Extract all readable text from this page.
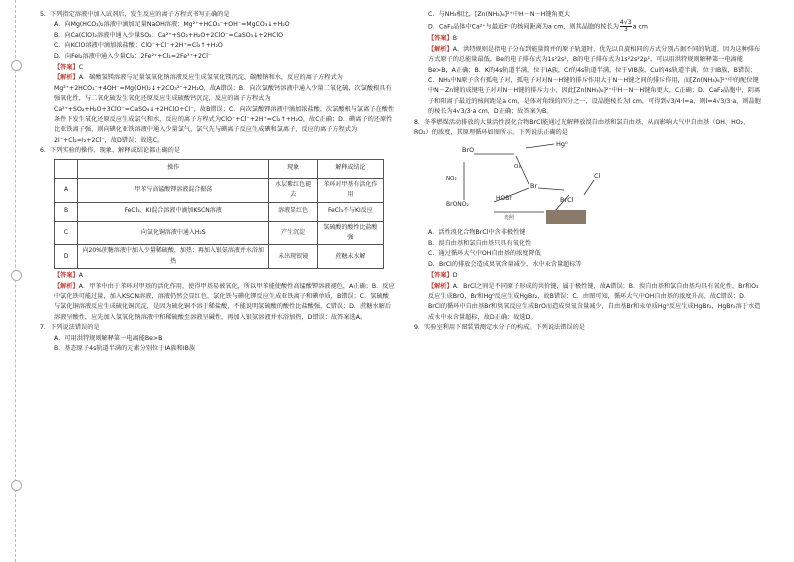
5．下列指定溶液中加入试剂后，发生反应的离子方程式书写正确的是

A．向Mg(HCO₃)₂溶液中滴加足量NaOH溶液：Mg²⁺+HCO₃⁻+OH⁻=MgCO₃↓+H₂O

B．向Ca(ClO)₂溶液中通入少量SO₂：Ca²⁺+SO₂+H₂O+2ClO⁻=CaSO₃↓+2HClO

C．向KClO溶液中滴加浓盐酸：ClO⁻+Cl⁻+2H⁺=Cl₂↑+H₂O

D．向FeI₂溶液中通入少量Cl₂：2Fe²⁺+Cl₂=2Fe³⁺+2Cl⁻

【答案】C

【解析】A．碳酸氢镁溶液与足量氢氧化钠溶液反应生成氢氧化镁沉淀、碳酸钠和水，反应的离子方程式为Mg²⁺+2HCO₃⁻+4OH⁻=Mg(OH)₂↓+2CO₃²⁻+2H₂O，故A错误；B．向次氯酸钙溶液中通入少量二氧化硫，次氯酸根具有强氧化性，与二氧化硫发生氧化还原反应生成硫酸钙沉淀，反应的离子方程式为Ca²⁺+SO₂+H₂O+3ClO⁻=CaSO₄↓+2HClO+Cl⁻，故B错误；C．向次氯酸钾溶液中滴加浓盐酸，次氯酸根与氯离子在酸性条件下发生氧化还原反应生成氯气和水，反应的离子方程式为ClO⁻+Cl⁻+2H⁺=Cl₂↑+H₂O，故C正确；D．碘离子的还原性比亚铁离子强，则向碘化亚铁溶液中通入少量氯气，氯气先与碘离子反应生成碘和氯离子，反应的离子方程式为2I⁻+Cl₂=I₂+2Cl⁻，故D错误；故选C。

6．下列实验的操作、现象、解释或结论都正确的是

	操作	现象	解释或结论
A	甲苯与高锰酸钾溶液混合振荡	水层紫红色褪去	苯环对甲基有活化作用
B	FeCl₃、KI混合溶液中滴加KSCN溶液	溶液显红色	FeCl₃不与KI反应
C	向氯化铜溶液中通入H₂S	产生沉淀	氢硫酸的酸性比盐酸强
D	向20%蔗糖溶液中加入少量稀硫酸，加热；再加入银氨溶液并水浴加热	未出现银镜	蔗糖未水解

【答案】A

【解析】A．甲苯中由于苯环对甲基的活化作用，使得甲基易被氧化，所以甲苯能使酸性高锰酸钾溶液褪色，A正确；B．反应中氯化铁可能过量，加入KSCN溶液，溶液仍然会显红色，氯化铁与碘化钾反应生成亚铁离子和碘单质，B错误；C．氢硫酸与氯化铜溶液反应生成硫化铜沉淀，是因为硫化铜不溶于稀盐酸，不能说明氢硫酸的酸性比盐酸强，C错误；D．蔗糖水解后溶液呈酸性，应先加入氢氧化钠溶液中和稀硫酸至溶液呈碱性，再加入银氨溶液并水浴加热，D错误；故答案选A。

7．下列说法错误的是

A．可用洪特规则解释第一电离能Be>B

B．基态原子4s轨道半满的元素分别位于IA族和IB族

C．与NH₃相比，[Zn(NH₃)₆]²⁺中H－N－H键角更大

D．CaF₂晶体中Ca²⁺与最近F⁻的核间距离为a cm，则其晶胞的棱长为 $\frac{4√3}{3}$ a cm

【答案】B

【解析】A．洪特规则是指电子分布到能量简并的原子轨道时，优先以自旋相同的方式分别占据不同的轨道，因为这种排布方式原子的总能量最低，Be的电子排布式为1s²2s²，B的电子排布式为1s²2s²2p¹，可以用洪特规则解释第一电离能Be>B，A正确；B．K的4s轨道半满，位于IA族，Cr的4s轨道半满，位于VIB族，Cu的4s轨道半满，位于IB族，B错误；C．NH₃中N原子含有孤电子对，孤电子对对N－H键的排斥作用大于N－H键之间的排斥作用，而[Zn(NH₃)₆]²⁺中的配位键中N－Zn键的成键电子对对N－H键的排斥力小，因此[Zn(NH₃)₆]²⁺中H－N－H键角更大，C正确；D．CaF₂晶胞中，阴离子和阳离子最近的核间距是a cm，是体对角线的四分之一，设晶胞棱长为l cm，可得到√3/4·l=a，则l=4√3/3·a，则晶胞的棱长为4√3/3·a cm，D正确；故答案为B。

8．冬季燃煤活动排放的大量活性溴化合物BrCl能通过光解释放溴自由基和氯自由基，从而影响大气中自由基（OH、HO₂、RO₂）的浓度，其原理循环如图所示。下列说法正确的是

BrO
Hg⁰
Br
Cl
O₃
NO₂
HOBr
BrONO₂
BrCl
光照

A．活性溴化合物BrCl中含非极性键

B．溴自由基和氯自由基只具有氧化性

C．通过循环大气中OH自由基的浓度降低

D．BrCl的排放会造成臭氧含量减少、水中汞含量超标等

【答案】D

【解析】A．BrCl之间是不同原子形成的共价键，属于极性键，故A错误；B．溴自由基和氯自由基均具有氧化性，Br和O₃反应生成BrO，Br和Hg⁰反应生成HgBr₂，故B错误；C．由图可知，循环大气中OH自由基的浓度升高，故C错误；D．BrCl的循环中自由基Br和臭氧反应生成BrO而造成臭氧含量减少，自由基Br和汞单质Hg⁰反应生成HgBr₂，HgBr₂溶于水造成水中汞含量超标，故D正确；故选D。

9．实验室利用下图装置测定水分子的构成。下列说法错误的是
